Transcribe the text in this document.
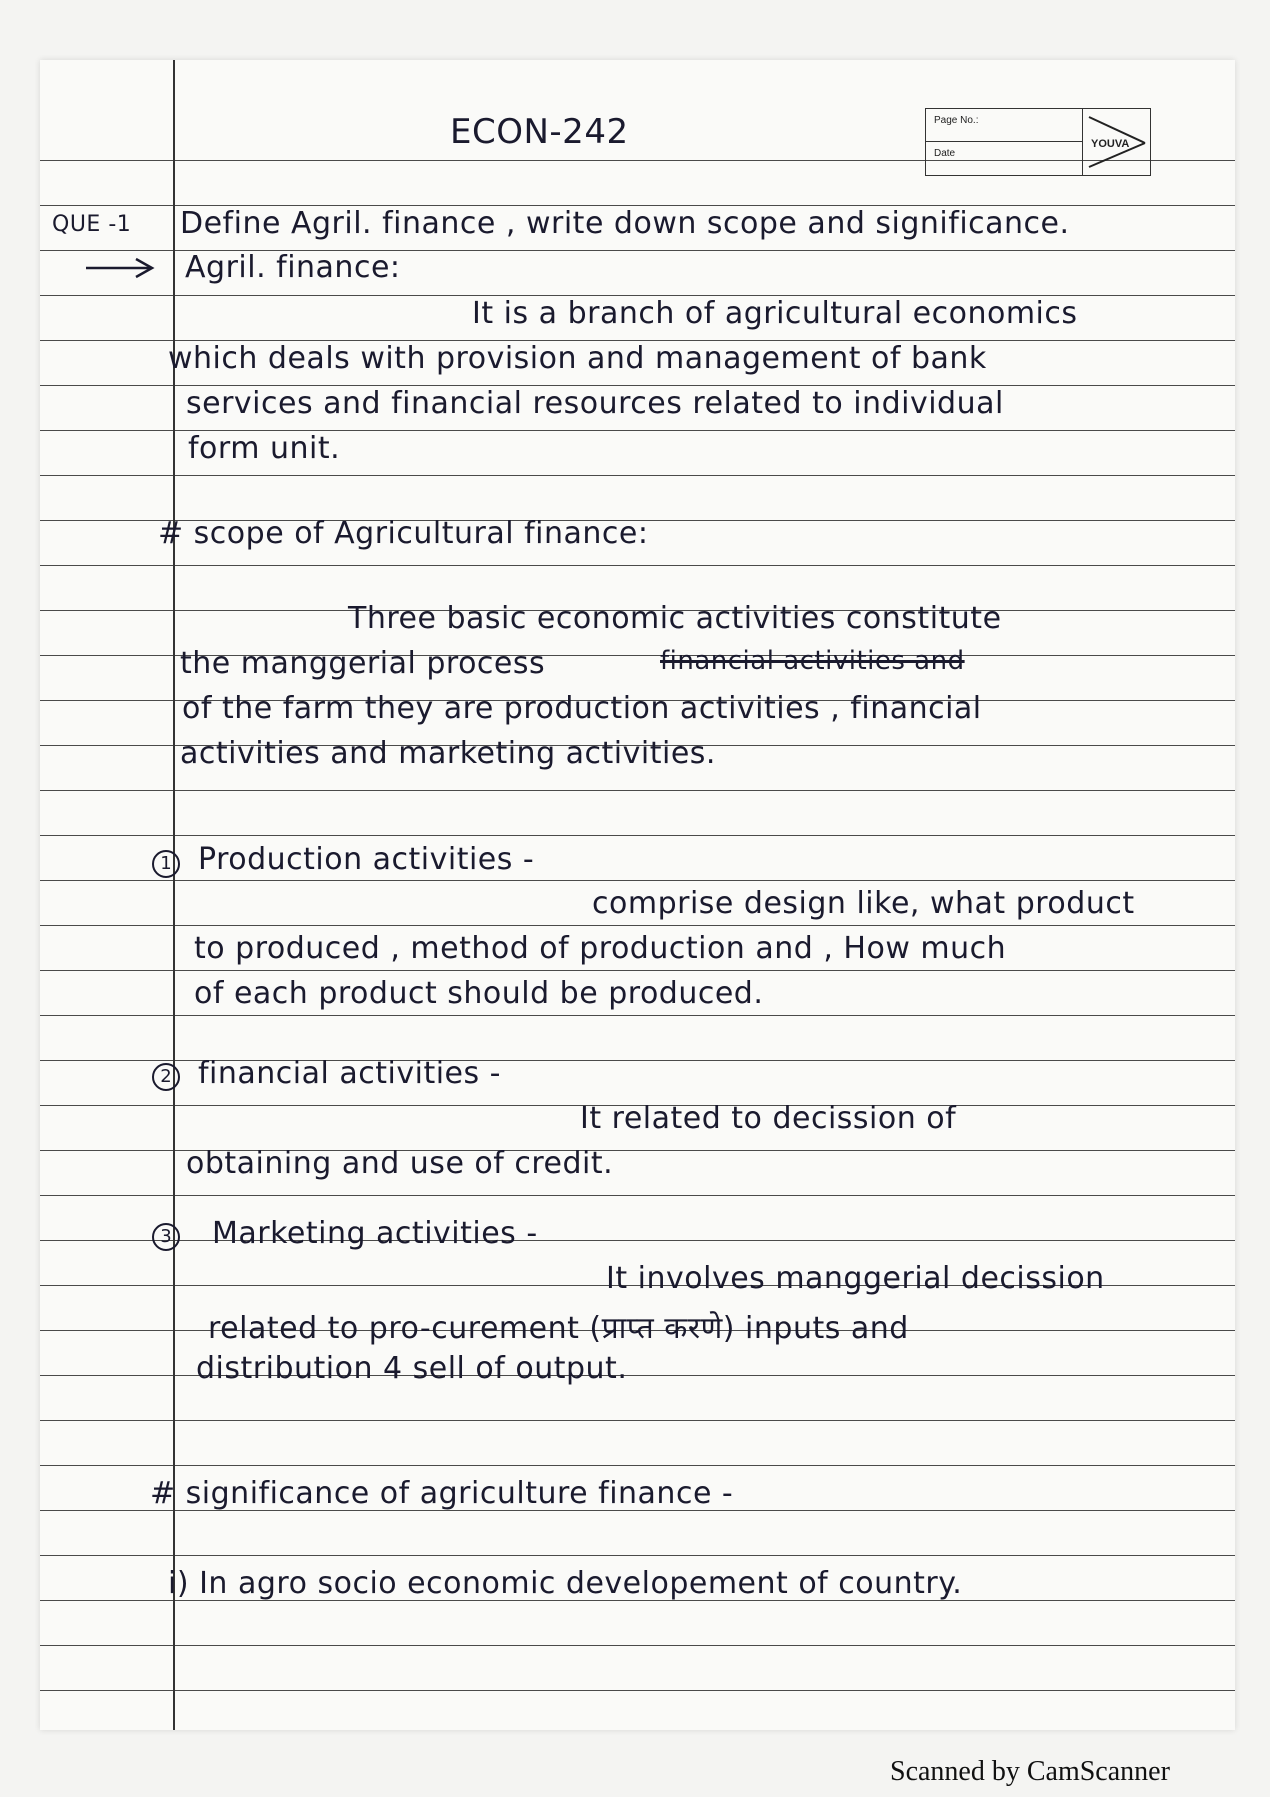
Page No.:
Date
YOUVA
ECON-242
QUE -1 Define Agril. finance , write down scope and significance.
Agril. finance:
It is a branch of agricultural economics
which deals with provision and management of bank
services and financial resources related to individual
form unit.
# scope of Agricultural finance:
Three basic economic activities constitute
the manggerial process	financial activities and
of the farm they are production activities , financial
activities and marketing activities.
1 Production activities -
comprise design like, what product
to produced , method of production and , How much
of each product should be produced.
2 financial activities -
It related to decission of
obtaining and use of credit.
3 Marketing activities -
It involves manggerial decission
related to pro-curement (प्राप्त करणे) inputs and
distribution 4 sell of output.
# significance of agriculture finance -
i) In agro socio economic developement of country.
Scanned by CamScanner
